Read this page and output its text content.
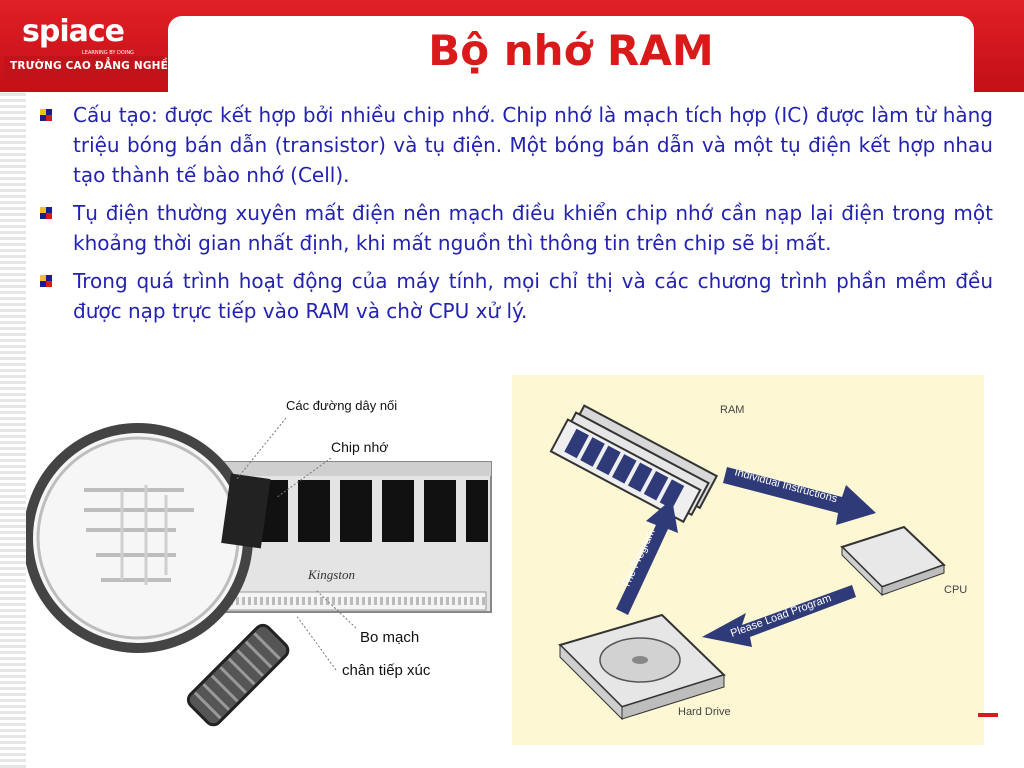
spiace
LEARNING BY DOING
TRƯỜNG CAO ĐẲNG NGHỀ	Bộ nhớ RAM
Cấu tạo: được kết hợp bởi nhiều chip nhớ. Chip nhớ là mạch tích hợp (IC) được làm từ hàng triệu bóng bán dẫn (transistor) và tụ điện. Một bóng bán dẫn và một tụ điện kết hợp nhau tạo thành tế bào nhớ (Cell).
Tụ điện thường xuyên mất điện nên mạch điều khiển chip nhớ cần nạp lại điện trong một khoảng thời gian nhất định, khi mất nguồn thì thông tin trên chip sẽ bị mất.
Trong quá trình hoạt động của máy tính, mọi chỉ thị và các chương trình phần mềm đều được nạp trực tiếp vào RAM và chờ CPU xử lý.
Kingston
Các đường dây nối
Chip nhớ
Bo mạch
chân tiếp xúc
Individual Instructions
Please Load Program
The Program
RAM
CPU
Hard Drive
